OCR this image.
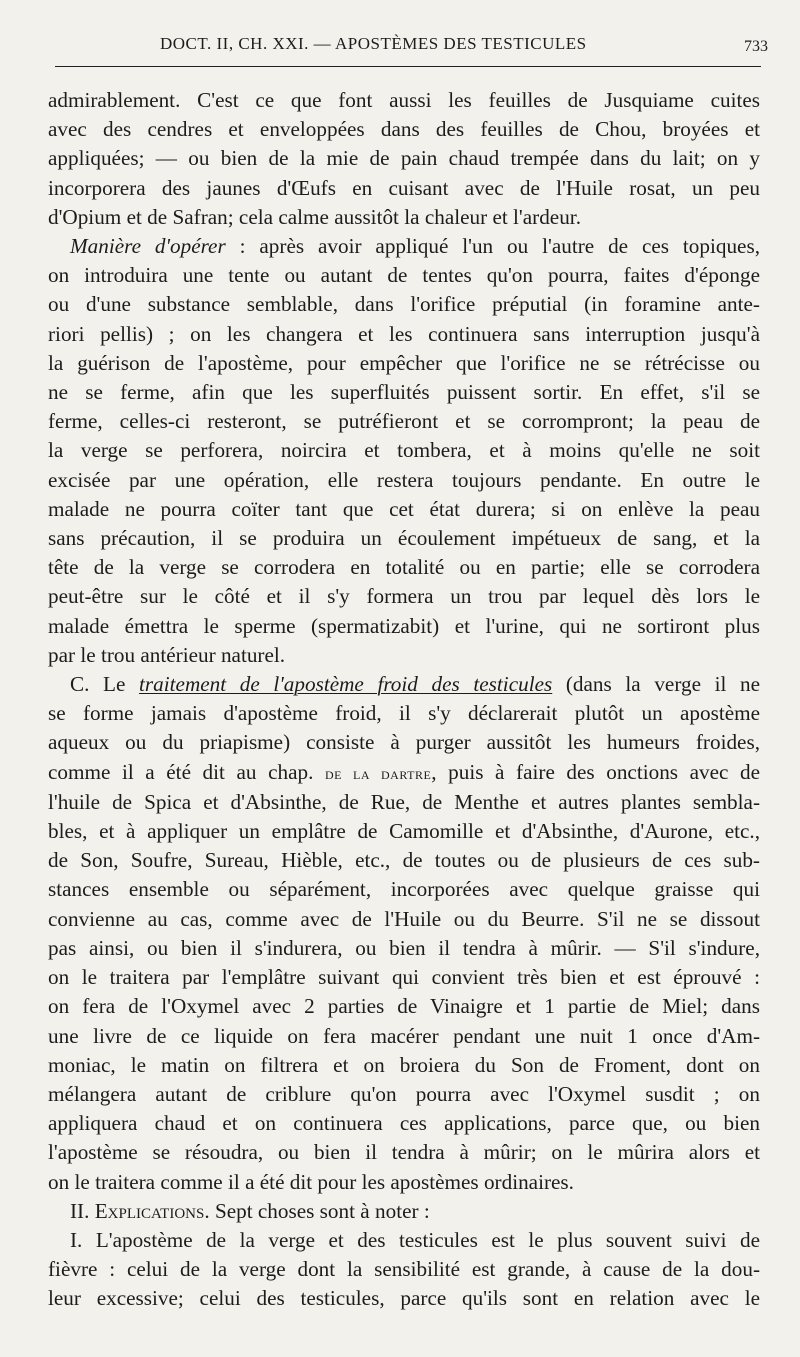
DOCT. II, CH. XXI. — APOSTÈMES DES TESTICULES	733
admirablement. C'est ce que font aussi les feuilles de Jusquiame cuites
avec des cendres et enveloppées dans des feuilles de Chou, broyées et
appliquées; — ou bien de la mie de pain chaud trempée dans du lait; on y
incorporera des jaunes d'Œufs en cuisant avec de l'Huile rosat, un peu
d'Opium et de Safran; cela calme aussitôt la chaleur et l'ardeur.
Manière d'opérer : après avoir appliqué l'un ou l'autre de ces topiques,
on introduira une tente ou autant de tentes qu'on pourra, faites d'éponge
ou d'une substance semblable, dans l'orifice préputial (in foramine ante-
riori pellis) ; on les changera et les continuera sans interruption jusqu'à
la guérison de l'apostème, pour empêcher que l'orifice ne se rétrécisse ou
ne se ferme, afin que les superfluités puissent sortir. En effet, s'il se
ferme, celles-ci resteront, se putréfieront et se corrompront; la peau de
la verge se perforera, noircira et tombera, et à moins qu'elle ne soit
excisée par une opération, elle restera toujours pendante. En outre le
malade ne pourra coïter tant que cet état durera; si on enlève la peau
sans précaution, il se produira un écoulement impétueux de sang, et la
tête de la verge se corrodera en totalité ou en partie; elle se corrodera
peut-être sur le côté et il s'y formera un trou par lequel dès lors le
malade émettra le sperme (spermatizabit) et l'urine, qui ne sortiront plus
par le trou antérieur naturel.
C. Le traitement de l'apostème froid des testicules (dans la verge il ne
se forme jamais d'apostème froid, il s'y déclarerait plutôt un apostème
aqueux ou du priapisme) consiste à purger aussitôt les humeurs froides,
comme il a été dit au chap. de la dartre, puis à faire des onctions avec de
l'huile de Spica et d'Absinthe, de Rue, de Menthe et autres plantes sembla-
bles, et à appliquer un emplâtre de Camomille et d'Absinthe, d'Aurone, etc.,
de Son, Soufre, Sureau, Hièble, etc., de toutes ou de plusieurs de ces sub-
stances ensemble ou séparément, incorporées avec quelque graisse qui
convienne au cas, comme avec de l'Huile ou du Beurre. S'il ne se dissout
pas ainsi, ou bien il s'indurera, ou bien il tendra à mûrir. — S'il s'indure,
on le traitera par l'emplâtre suivant qui convient très bien et est éprouvé :
on fera de l'Oxymel avec 2 parties de Vinaigre et 1 partie de Miel; dans
une livre de ce liquide on fera macérer pendant une nuit 1 once d'Am-
moniac, le matin on filtrera et on broiera du Son de Froment, dont on
mélangera autant de criblure qu'on pourra avec l'Oxymel susdit ; on
appliquera chaud et on continuera ces applications, parce que, ou bien
l'apostème se résoudra, ou bien il tendra à mûrir; on le mûrira alors et
on le traitera comme il a été dit pour les apostèmes ordinaires.
II. Explications. Sept choses sont à noter :
I. L'apostème de la verge et des testicules est le plus souvent suivi de
fièvre : celui de la verge dont la sensibilité est grande, à cause de la dou-
leur excessive; celui des testicules, parce qu'ils sont en relation avec le
